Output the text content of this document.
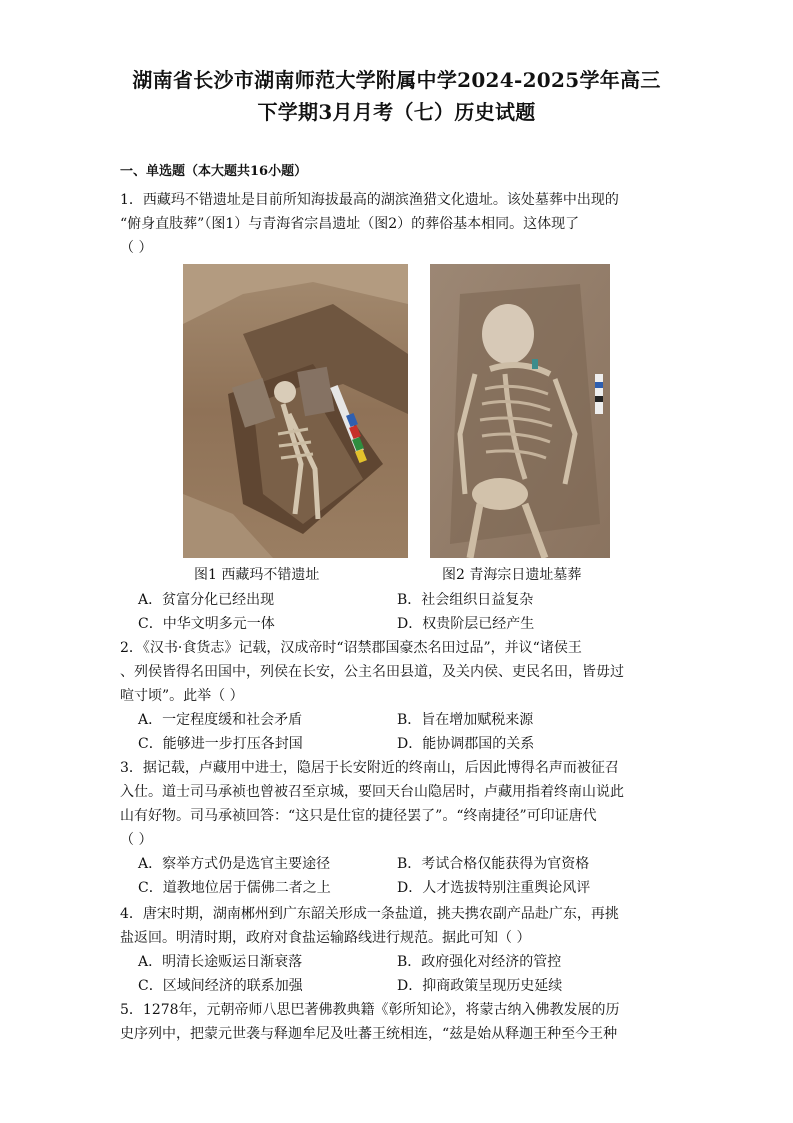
湖南省长沙市湖南师范大学附属中学2024-2025学年高三
下学期3月月考（七）历史试题
一、单选题（本大题共16小题）
1．西藏玛不错遗址是目前所知海拔最高的湖滨渔猎文化遗址。该处墓葬中出现的
“俯身直肢葬”（图1）与青海省宗昌遗址（图2）的葬俗基本相同。这体现了
（ ）
图1 西藏玛不错遗址	图2 青海宗日遗址墓葬
A．贫富分化已经出现	B．社会组织日益复杂
C．中华文明多元一体	D．权贵阶层已经产生
2．《汉书·食货志》记载，汉成帝时“诏禁郡国豪杰名田过品”，并议“诸侯王
、列侯皆得名田国中，列侯在长安，公主名田县道，及关内侯、吏民名田，皆毋过
喧寸顷”。此举（ ）
A．一定程度缓和社会矛盾	B．旨在增加赋税来源
C．能够进一步打压各封国	D．能协调郡国的关系
3．据记载，卢藏用中进士，隐居于长安附近的终南山，后因此博得名声而被征召
入仕。道士司马承祯也曾被召至京城，要回天台山隐居时，卢藏用指着终南山说此
山有好物。司马承祯回答：“这只是仕宦的捷径罢了”。“终南捷径”可印证唐代
（ ）
A．察举方式仍是选官主要途径	B．考试合格仅能获得为官资格
C．道教地位居于儒佛二者之上	D．人才选拔特别注重舆论风评
4．唐宋时期，湖南郴州到广东韶关形成一条盐道，挑夫携农副产品赴广东，再挑
盐返回。明清时期，政府对食盐运输路线进行规范。据此可知（ ）
A．明清长途贩运日渐衰落	B．政府强化对经济的管控
C．区域间经济的联系加强	D．抑商政策呈现历史延续
5．1278年，元朝帝师八思巴著佛教典籍《彰所知论》，将蒙古纳入佛教发展的历
史序列中，把蒙元世袭与释迦牟尼及吐蕃王统相连，“兹是始从释迦王种至今王种
